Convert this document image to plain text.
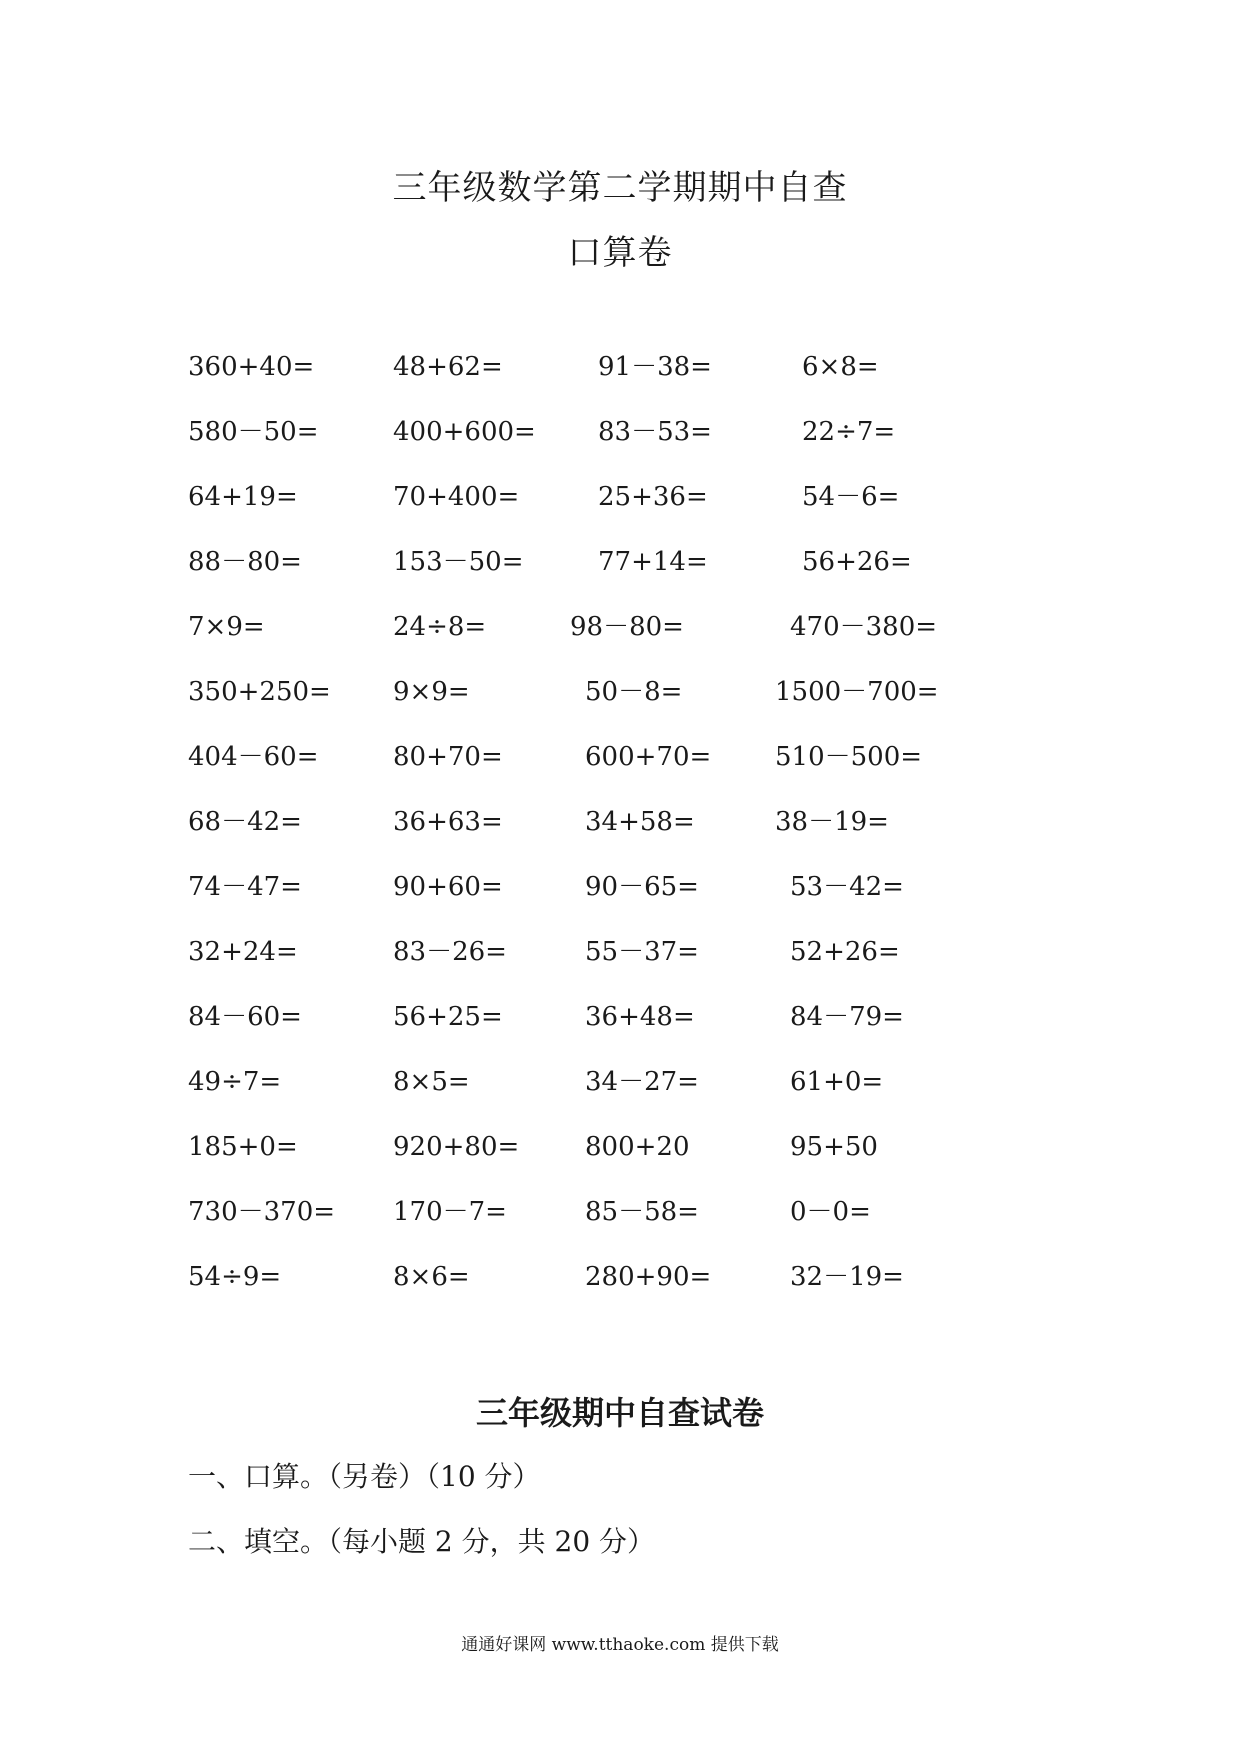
三年级数学第二学期期中自查
口算卷
360+40=	48+62=	91－38=	6×8=
580－50=	400+600= 83－53=	22÷7=
64+19=	70+400=	25+36=	54－6=
88－80=	153－50=	77+14=	56+26=
7×9=	24÷8=	98－80=	470－380=
350+250= 9×9=	50－8=	1500－700=
404－60=	80+70=	600+70= 510－500=
68－42=	36+63=	34+58=	38－19=
74－47=	90+60=	90－65=	53－42=
32+24=	83－26=	55－37=	52+26=
84－60=	56+25=	36+48=	84－79=
49÷7=	8×5=	34－27=	61+0=
185+0=	920+80=	800+20	95+50
730－370= 170－7=	85－58=	0－0=
54÷9=	8×6=	280+90=	32－19=
三年级期中自查试卷
一、口算。（另卷）（10 分）
二、填空。（每小题 2 分，共 20 分）
通通好课网 www.tthaoke.com 提供下载
